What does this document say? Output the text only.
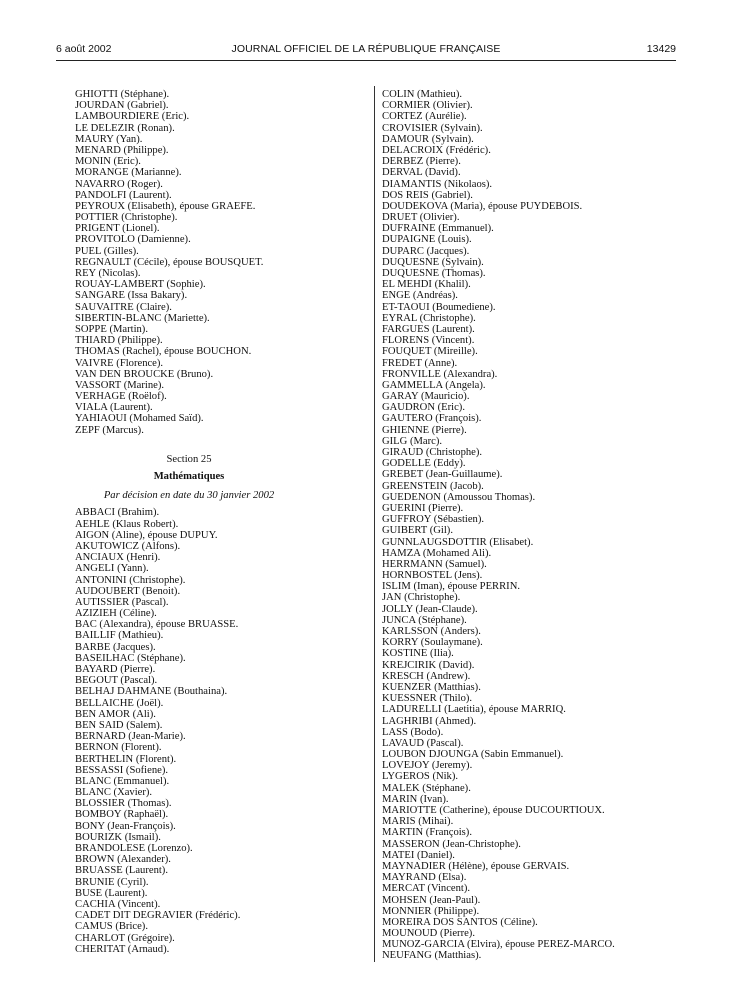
JOURNAL OFFICIEL DE LA RÉPUBLIQUE FRANÇAISE
6 août 2002	13429
GHIOTTI (Stéphane).
JOURDAN (Gabriel).
LAMBOURDIERE (Eric).
LE DELEZIR (Ronan).
MAURY (Yan).
MENARD (Philippe).
MONIN (Eric).
MORANGE (Marianne).
NAVARRO (Roger).
PANDOLFI (Laurent).
PEYROUX (Elisabeth), épouse GRAEFE.
POTTIER (Christophe).
PRIGENT (Lionel).
PROVITOLO (Damienne).
PUEL (Gilles).
REGNAULT (Cécile), épouse BOUSQUET.
REY (Nicolas).
ROUAY-LAMBERT (Sophie).
SANGARE (Issa Bakary).
SAUVAITRE (Claire).
SIBERTIN-BLANC (Mariette).
SOPPE (Martin).
THIARD (Philippe).
THOMAS (Rachel), épouse BOUCHON.
VAIVRE (Florence).
VAN DEN BROUCKE (Bruno).
VASSORT (Marine).
VERHAGE (Roëlof).
VIALA (Laurent).
YAHIAOUI (Mohamed Saïd).
ZEPF (Marcus).
Section 25
Mathématiques
Par décision en date du 30 janvier 2002
ABBACI (Brahim).
AEHLE (Klaus Robert).
AIGON (Aline), épouse DUPUY.
AKUTOWICZ (Alfons).
ANCIAUX (Henri).
ANGELI (Yann).
ANTONINI (Christophe).
AUDOUBERT (Benoit).
AUTISSIER (Pascal).
AZIZIEH (Céline).
BAC (Alexandra), épouse BRUASSE.
BAILLIF (Mathieu).
BARBE (Jacques).
BASEILHAC (Stéphane).
BAYARD (Pierre).
BEGOUT (Pascal).
BELHAJ DAHMANE (Bouthaina).
BELLAICHE (Joël).
BEN AMOR (Ali).
BEN SAID (Salem).
BERNARD (Jean-Marie).
BERNON (Florent).
BERTHELIN (Florent).
BESSASSI (Sofiene).
BLANC (Emmanuel).
BLANC (Xavier).
BLOSSIER (Thomas).
BOMBOY (Raphaël).
BONY (Jean-François).
BOURIZK (Ismail).
BRANDOLESE (Lorenzo).
BROWN (Alexander).
BRUASSE (Laurent).
BRUNIE (Cyril).
BUSE (Laurent).
CACHIA (Vincent).
CADET DIT DEGRAVIER (Frédéric).
CAMUS (Brice).
CHARLOT (Grégoire).
CHERITAT (Arnaud).
COLIN (Mathieu).
CORMIER (Olivier).
CORTEZ (Aurélie).
CROVISIER (Sylvain).
DAMOUR (Sylvain).
DELACROIX (Frédéric).
DERBEZ (Pierre).
DERVAL (David).
DIAMANTIS (Nikolaos).
DOS REIS (Gabriel).
DOUDEKOVA (Maria), épouse PUYDEBOIS.
DRUET (Olivier).
DUFRAINE (Emmanuel).
DUPAIGNE (Louis).
DUPARC (Jacques).
DUQUESNE (Sylvain).
DUQUESNE (Thomas).
EL MEHDI (Khalil).
ENGE (Andréas).
ET-TAOUI (Boumediene).
EYRAL (Christophe).
FARGUES (Laurent).
FLORENS (Vincent).
FOUQUET (Mireille).
FREDET (Anne).
FRONVILLE (Alexandra).
GAMMELLA (Angela).
GARAY (Mauricio).
GAUDRON (Eric).
GAUTERO (François).
GHIENNE (Pierre).
GILG (Marc).
GIRAUD (Christophe).
GODELLE (Eddy).
GREBET (Jean-Guillaume).
GREENSTEIN (Jacob).
GUEDENON (Amoussou Thomas).
GUERINI (Pierre).
GUFFROY (Sébastien).
GUIBERT (Gil).
GUNNLAUGSDOTTIR (Elisabet).
HAMZA (Mohamed Ali).
HERRMANN (Samuel).
HORNBOSTEL (Jens).
ISLIM (Iman), épouse PERRIN.
JAN (Christophe).
JOLLY (Jean-Claude).
JUNCA (Stéphane).
KARLSSON (Anders).
KORRY (Soulaymane).
KOSTINE (Ilia).
KREJCIRIK (David).
KRESCH (Andrew).
KUENZER (Matthias).
KUESSNER (Thilo).
LADURELLI (Laetitia), épouse MARRIQ.
LAGHRIBI (Ahmed).
LASS (Bodo).
LAVAUD (Pascal).
LOUBON DJOUNGA (Sabin Emmanuel).
LOVEJOY (Jeremy).
LYGEROS (Nik).
MALEK (Stéphane).
MARIN (Ivan).
MARIOTTE (Catherine), épouse DUCOURTIOUX.
MARIS (Mihai).
MARTIN (François).
MASSERON (Jean-Christophe).
MATEI (Daniel).
MAYNADIER (Hélène), épouse GERVAIS.
MAYRAND (Elsa).
MERCAT (Vincent).
MOHSEN (Jean-Paul).
MONNIER (Philippe).
MOREIRA DOS SANTOS (Céline).
MOUNOUD (Pierre).
MUNOZ-GARCIA (Elvira), épouse PEREZ-MARCO.
NEUFANG (Matthias).
